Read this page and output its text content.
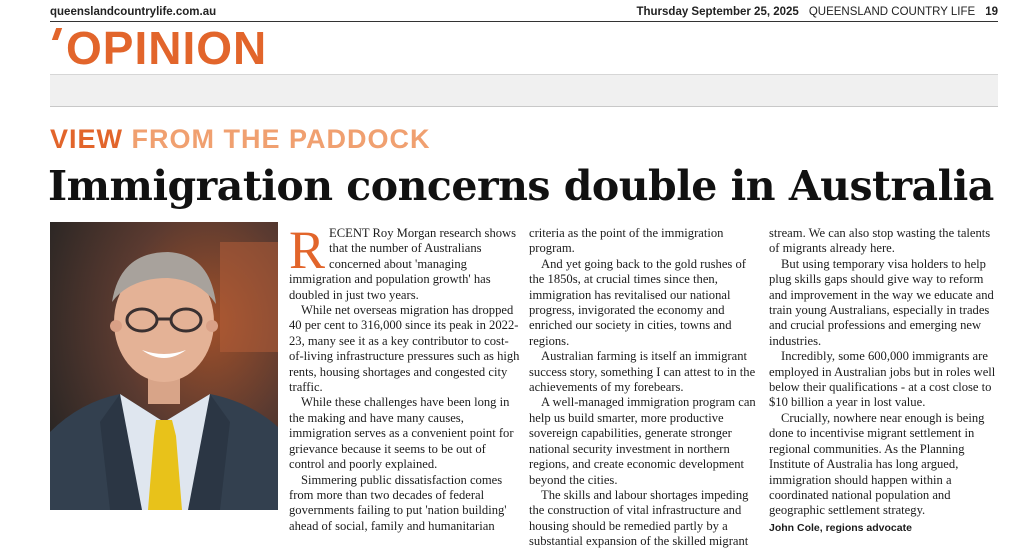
queenslandcountrylife.com.au	Thursday September 25, 2025 QUEENSLAND COUNTRY LIFE 19
OPINION
VIEW FROM THE PADDOCK
Immigration concerns double in Australia

RECENT Roy Morgan research shows that the number of Australians concerned about 'managing immigration and population growth' has doubled in just two years.

While net overseas migration has dropped 40 per cent to 316,000 since its peak in 2022-23, many see it as a key contributor to cost-of-living infrastructure pressures such as high rents, housing shortages and congested city traffic.

While these challenges have been long in the making and have many causes, immigration serves as a convenient point for grievance because it seems to be out of control and poorly explained.

Simmering public dissatisfaction comes from more than two decades of federal governments failing to put 'nation building' ahead of social, family and humanitarian

criteria as the point of the immigration program.

And yet going back to the gold rushes of the 1850s, at crucial times since then, immigration has revitalised our national progress, invigorated the economy and enriched our society in cities, towns and regions.

Australian farming is itself an immigrant success story, something I can attest to in the achievements of my forebears.

A well-managed immigration program can help us build smarter, more productive sovereign capabilities, generate stronger national security investment in northern regions, and create economic development beyond the cities.

The skills and labour shortages impeding the construction of vital infrastructure and housing should be remedied partly by a substantial expansion of the skilled migrant

stream. We can also stop wasting the talents of migrants already here.

But using temporary visa holders to help plug skills gaps should give way to reform and improvement in the way we educate and train young Australians, especially in trades and crucial professions and emerging new industries.

Incredibly, some 600,000 immigrants are employed in Australian jobs but in roles well below their qualifications - at a cost close to $10 billion a year in lost value.

Crucially, nowhere near enough is being done to incentivise migrant settlement in regional communities. As the Planning Institute of Australia has long argued, immigration should happen within a coordinated national population and geographic settlement strategy.

John Cole, regions advocate
